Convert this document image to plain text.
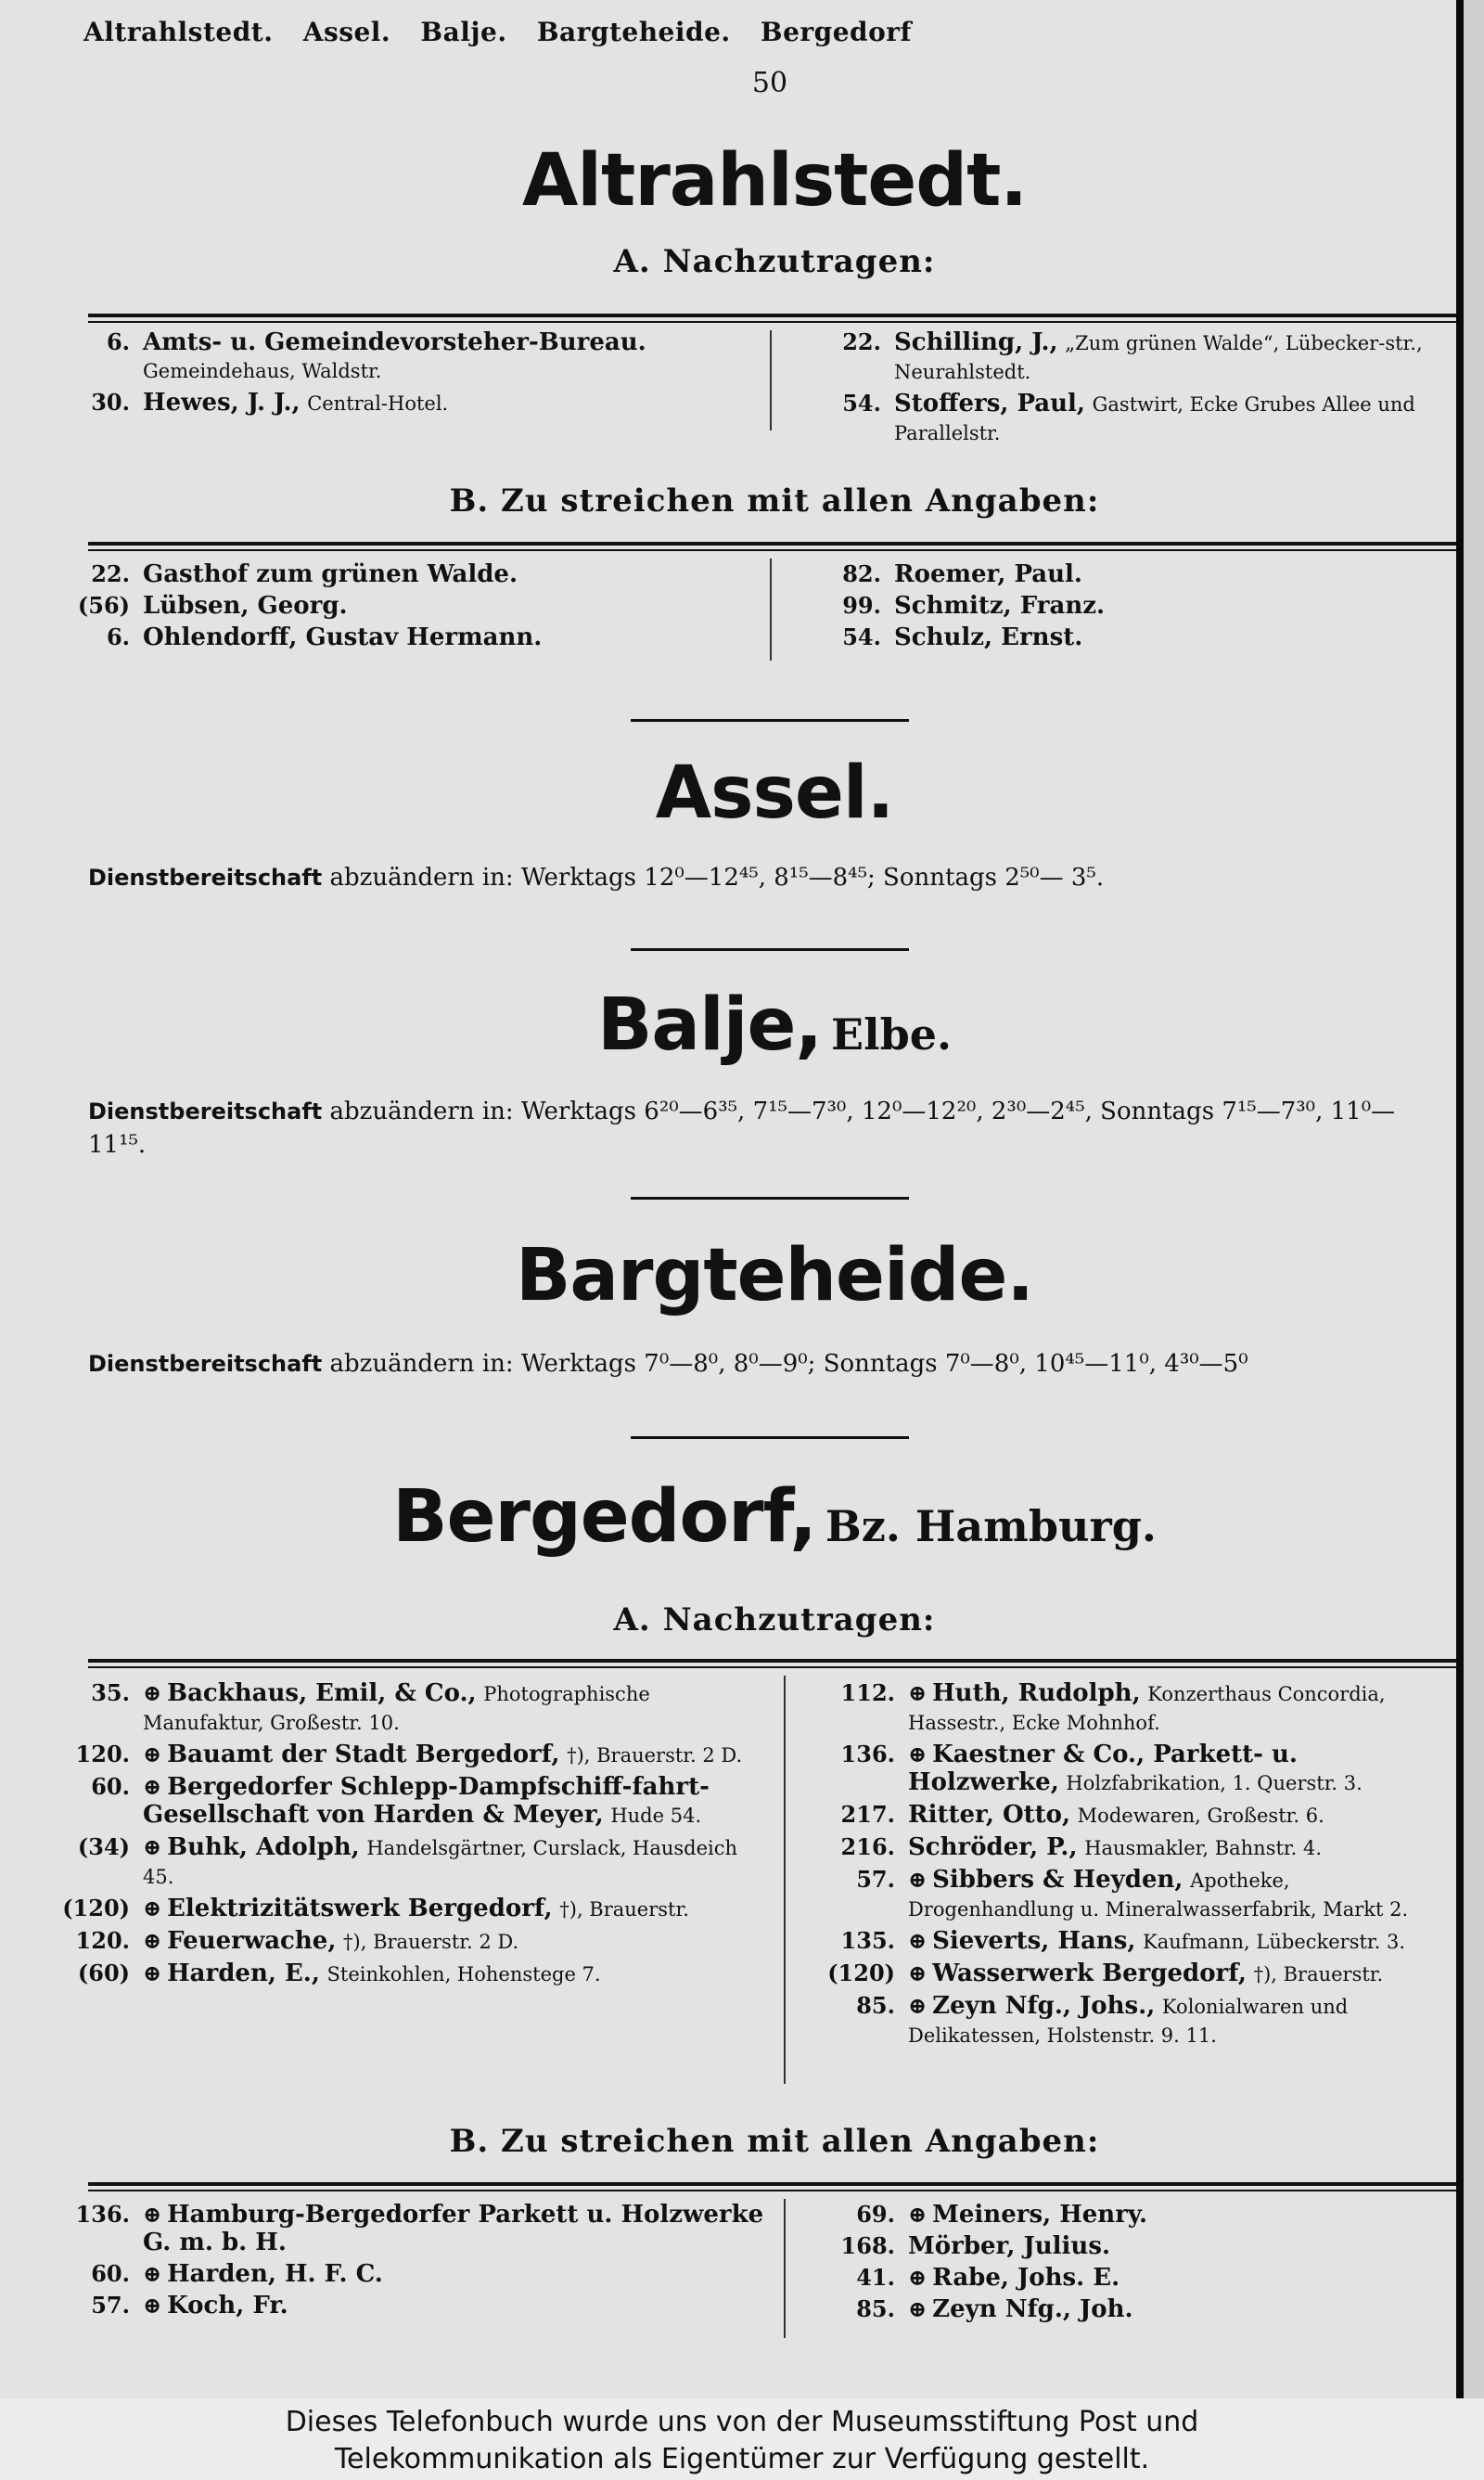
Altrahlstedt. Assel. Balje. Bargteheide. Bergedorf
50
Altrahlstedt.
A. Nachzutragen:
6. Amts- u. Gemeindevorsteher-Bureau. Gemeindehaus, Waldstr.
30. Hewes, J. J., Central-Hotel.
22. Schilling, J., „Zum grünen Walde“, Lübecker-str., Neurahlstedt.
54. Stoffers, Paul, Gastwirt, Ecke Grubes Allee und Parallelstr.
B. Zu streichen mit allen Angaben:
22. Gasthof zum grünen Walde.
(56) Lübsen, Georg.
6. Ohlendorff, Gustav Hermann.
82. Roemer, Paul.
99. Schmitz, Franz.
54. Schulz, Ernst.
Assel.
Dienstbereitschaft abzuändern in: Werktags 12⁰—12⁴⁵, 8¹⁵—8⁴⁵; Sonntags 2⁵⁰— 3⁵.
Balje, Elbe.
Dienstbereitschaft abzuändern in: Werktags 6²⁰—6³⁵, 7¹⁵—7³⁰, 12⁰—12²⁰, 2³⁰—2⁴⁵, Sonntags 7¹⁵—7³⁰, 11⁰—11¹⁵.
Bargteheide.
Dienstbereitschaft abzuändern in: Werktags 7⁰—8⁰, 8⁰—9⁰; Sonntags 7⁰—8⁰, 10⁴⁵—11⁰, 4³⁰—5⁰
Bergedorf, Bz. Hamburg.
A. Nachzutragen:
35. ⊕ Backhaus, Emil, & Co., Photographische Manufaktur, Großestr. 10.
120. ⊕ Bauamt der Stadt Bergedorf, †), Brauerstr. 2 D.
60. ⊕ Bergedorfer Schlepp-Dampfschiff-fahrt-Gesellschaft von Harden & Meyer, Hude 54.
(34) ⊕ Buhk, Adolph, Handelsgärtner, Curslack, Hausdeich 45.
(120) ⊕ Elektrizitätswerk Bergedorf, †), Brauerstr.
120. ⊕ Feuerwache, †), Brauerstr. 2 D.
(60) ⊕ Harden, E., Steinkohlen, Hohenstege 7.
112. ⊕ Huth, Rudolph, Konzerthaus Concordia, Hassestr., Ecke Mohnhof.
136. ⊕ Kaestner & Co., Parkett- u. Holzwerke, Holzfabrikation, 1. Querstr. 3.
217. Ritter, Otto, Modewaren, Großestr. 6.
216. Schröder, P., Hausmakler, Bahnstr. 4.
57. ⊕ Sibbers & Heyden, Apotheke, Drogenhandlung u. Mineralwasserfabrik, Markt 2.
135. ⊕ Sieverts, Hans, Kaufmann, Lübeckerstr. 3.
(120) ⊕ Wasserwerk Bergedorf, †), Brauerstr.
85. ⊕ Zeyn Nfg., Johs., Kolonialwaren und Delikatessen, Holstenstr. 9. 11.
B. Zu streichen mit allen Angaben:
136. ⊕ Hamburg-Bergedorfer Parkett u. Holzwerke G. m. b. H.
60. ⊕ Harden, H. F. C.
57. ⊕ Koch, Fr.
69. ⊕ Meiners, Henry.
168. Mörber, Julius.
41. ⊕ Rabe, Johs. E.
85. ⊕ Zeyn Nfg., Joh.
Dieses Telefonbuch wurde uns von der Museumsstiftung Post und
Telekommunikation als Eigentümer zur Verfügung gestellt.
